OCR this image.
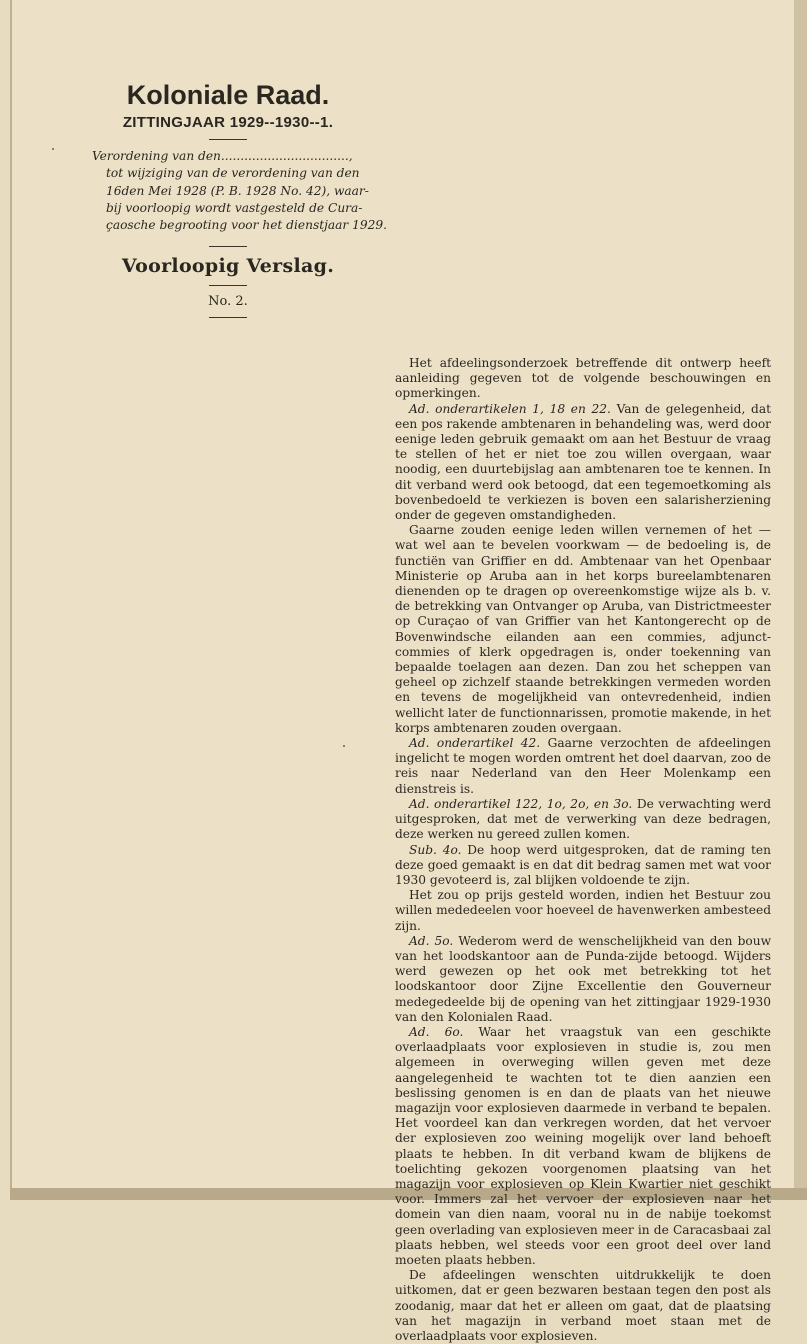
Koloniale Raad.
ZITTINGJAAR 1929--1930--1.
Verordening van den.................................,
tot wijziging van de verordening van den
16den Mei 1928 (P. B. 1928 No. 42), waar-
bij voorloopig wordt vastgesteld de Cura-
çaosche begrooting voor het dienstjaar 1929.
Voorloopig Verslag.
No. 2.

Het afdeelingsonderzoek betreffende dit ontwerp heeft aanleiding gegeven tot de volgende beschouwingen en opmerkingen.

Ad. onderartikelen 1, 18 en 22. Van de gelegenheid, dat een pos rakende ambtenaren in behandeling was, werd door eenige leden gebruik gemaakt om aan het Bestuur de vraag te stellen of het er niet toe zou willen overgaan, waar noodig, een duurtebijslag aan ambtenaren toe te kennen. In dit verband werd ook betoogd, dat een tegemoetkoming als bovenbedoeld te verkiezen is boven een salarisherziening onder de gegeven omstandigheden.

Gaarne zouden eenige leden willen vernemen of het — wat wel aan te bevelen voorkwam — de bedoeling is, de functiën van Griffier en dd. Ambtenaar van het Openbaar Ministerie op Aruba aan in het korps bureelambtenaren dienenden op te dragen op overeenkomstige wijze als b. v. de betrekking van Ontvanger op Aruba, van Districtmeester op Curaçao of van Griffier van het Kantongerecht op de Bovenwindsche eilanden aan een commies, adjunct-commies of klerk opgedragen is, onder toekenning van bepaalde toelagen aan dezen. Dan zou het scheppen van geheel op zichzelf staande betrekkingen vermeden worden en tevens de mogelijkheid van ontevredenheid, indien wellicht later de functionnarissen, promotie makende, in het korps ambtenaren zouden overgaan.

Ad. onderartikel 42. Gaarne verzochten de afdeelingen ingelicht te mogen worden omtrent het doel daarvan, zoo de reis naar Nederland van den Heer Molenkamp een dienstreis is.

Ad. onderartikel 122, 1o, 2o, en 3o. De verwachting werd uitgesproken, dat met de verwerking van deze bedragen, deze werken nu gereed zullen komen.

Sub. 4o. De hoop werd uitgesproken, dat de raming ten deze goed gemaakt is en dat dit bedrag samen met wat voor 1930 gevoteerd is, zal blijken voldoende te zijn.

Het zou op prijs gesteld worden, indien het Bestuur zou willen mededeelen voor hoeveel de havenwerken ambesteed zijn.

Ad. 5o. Wederom werd de wenschelijkheid van den bouw van het loodskantoor aan de Punda-zijde betoogd. Wijders werd gewezen op het ook met betrekking tot het loodskantoor door Zijne Excellentie den Gouverneur medegedeelde bij de opening van het zittingjaar 1929-1930 van den Kolonialen Raad.

Ad. 6o. Waar het vraagstuk van een geschikte overlaadplaats voor explosieven in studie is, zou men algemeen in overweging willen geven met deze aangelegenheid te wachten tot te dien aanzien een beslissing genomen is en dan de plaats van het nieuwe magazijn voor explosieven daarmede in verband te bepalen. Het voordeel kan dan verkregen worden, dat het vervoer der explosieven zoo weining mogelijk over land behoeft plaats te hebben. In dit verband kwam de blijkens de toelichting gekozen voorgenomen plaatsing van het magazijn voor explosieven op Klein Kwartier niet geschikt voor. Immers zal het vervoer der explosieven naar het domein van dien naam, vooral nu in de nabije toekomst geen overlading van explosieven meer in de Caracasbaai zal plaats hebben, wel steeds voor een groot deel over land moeten plaats hebben.

De afdeelingen wenschten uitdrukkelijk te doen uitkomen, dat er geen bezwaren bestaan tegen den post als zoodanig, maar dat het er alleen om gaat, dat de plaatsing van het magazijn in verband moet staan met de overlaadplaats voor explosieven.
